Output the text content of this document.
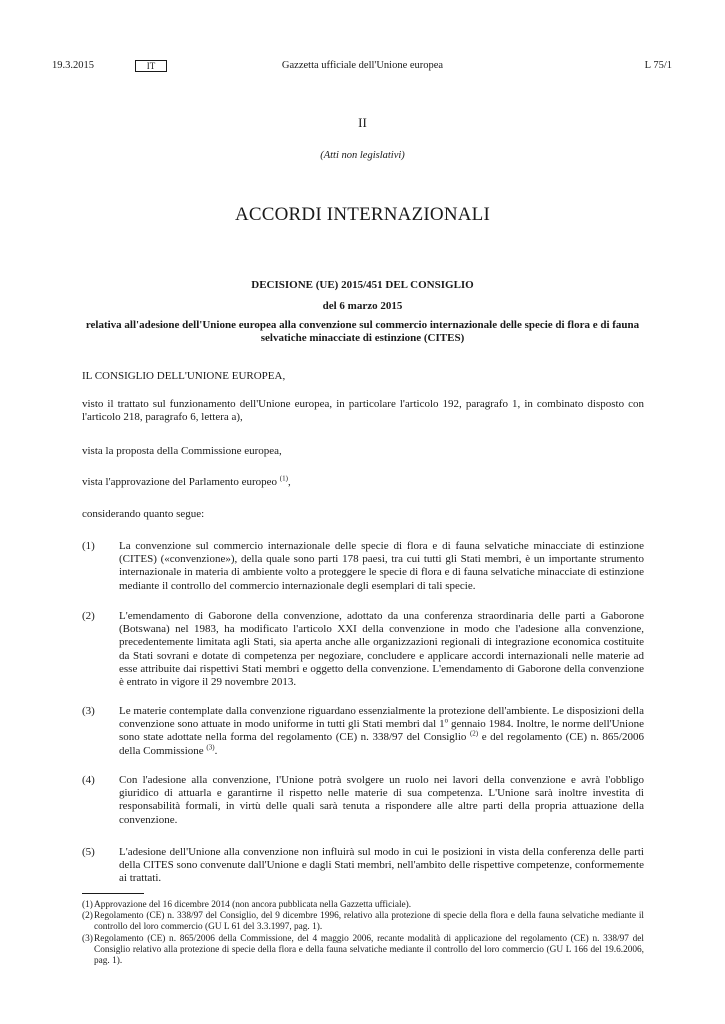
19.3.2015	IT	Gazzetta ufficiale dell'Unione europea	L 75/1
II
(Atti non legislativi)
ACCORDI INTERNAZIONALI
DECISIONE (UE) 2015/451 DEL CONSIGLIO
del 6 marzo 2015
relativa all'adesione dell'Unione europea alla convenzione sul commercio internazionale delle specie di flora e di fauna selvatiche minacciate di estinzione (CITES)
IL CONSIGLIO DELL'UNIONE EUROPEA,
visto il trattato sul funzionamento dell'Unione europea, in particolare l'articolo 192, paragrafo 1, in combinato disposto con l'articolo 218, paragrafo 6, lettera a),
vista la proposta della Commissione europea,
vista l'approvazione del Parlamento europeo $^{(1)}$,
considerando quanto segue:
(1)	La convenzione sul commercio internazionale delle specie di flora e di fauna selvatiche minacciate di estinzione (CITES) («convenzione»), della quale sono parti 178 paesi, tra cui tutti gli Stati membri, è un importante strumento internazionale in materia di ambiente volto a proteggere le specie di flora e di fauna selvatiche minacciate di estinzione mediante il controllo del commercio internazionale degli esemplari di tali specie.
(2)	L'emendamento di Gaborone della convenzione, adottato da una conferenza straordinaria delle parti a Gaborone (Botswana) nel 1983, ha modificato l'articolo XXI della convenzione in modo che l'adesione alla convenzione, precedentemente limitata agli Stati, sia aperta anche alle organizzazioni regionali di integrazione economica costituite da Stati sovrani e dotate di competenza per negoziare, concludere e applicare accordi internazionali nelle materie ad esse attribuite dai rispettivi Stati membri e oggetto della convenzione. L'emendamento di Gaborone della convenzione è entrato in vigore il 29 novembre 2013.
(3)	Le materie contemplate dalla convenzione riguardano essenzialmente la protezione dell'ambiente. Le disposizioni della convenzione sono attuate in modo uniforme in tutti gli Stati membri dal 1$^o$ gennaio 1984. Inoltre, le norme dell'Unione sono state adottate nella forma del regolamento (CE) n. 338/97 del Consiglio $^{(2)}$ e del regolamento (CE) n. 865/2006 della Commissione $^{(3)}$.
(4)	Con l'adesione alla convenzione, l'Unione potrà svolgere un ruolo nei lavori della convenzione e avrà l'obbligo giuridico di attuarla e garantirne il rispetto nelle materie di sua competenza. L'Unione sarà inoltre investita di responsabilità formali, in virtù delle quali sarà tenuta a rispondere alle altre parti della propria attuazione della convenzione.
(5)	L'adesione dell'Unione alla convenzione non influirà sul modo in cui le posizioni in vista della conferenza delle parti della CITES sono convenute dall'Unione e dagli Stati membri, nell'ambito delle rispettive competenze, conformemente ai trattati.
(1) Approvazione del 16 dicembre 2014 (non ancora pubblicata nella Gazzetta ufficiale).
(2) Regolamento (CE) n. 338/97 del Consiglio, del 9 dicembre 1996, relativo alla protezione di specie della flora e della fauna selvatiche mediante il controllo del loro commercio (GU L 61 del 3.3.1997, pag. 1).
(3) Regolamento (CE) n. 865/2006 della Commissione, del 4 maggio 2006, recante modalità di applicazione del regolamento (CE) n. 338/97 del Consiglio relativo alla protezione di specie della flora e della fauna selvatiche mediante il controllo del loro commercio (GU L 166 del 19.6.2006, pag. 1).
